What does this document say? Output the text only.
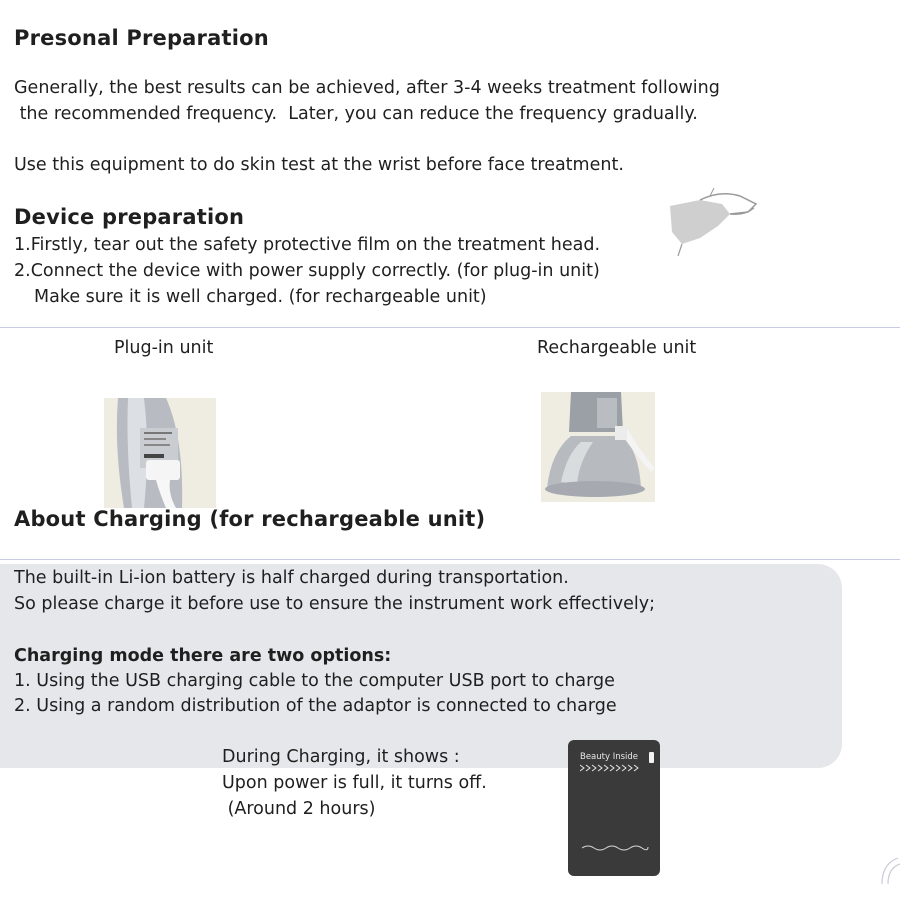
Presonal Preparation
Generally, the best results can be achieved, after 3-4 weeks treatment following
the recommended frequency.  Later, you can reduce the frequency gradually.
Use this equipment to do skin test at the wrist before face treatment.
Device preparation
1.Firstly, tear out the safety protective film on the treatment head.
2.Connect the device with power supply correctly. (for plug-in unit)
Make sure it is well charged. (for rechargeable unit)
Plug-in unit	Rechargeable unit
About Charging (for rechargeable unit)
The built-in Li-ion battery is half charged during transportation.
So please charge it before use to ensure the instrument work effectively;
Charging mode there are two options:
1. Using the USB charging cable to the computer USB port to charge
2. Using a random distribution of the adaptor is connected to charge
During Charging, it shows :
Upon power is full, it turns off.
(Around 2 hours)
Beauty Inside
